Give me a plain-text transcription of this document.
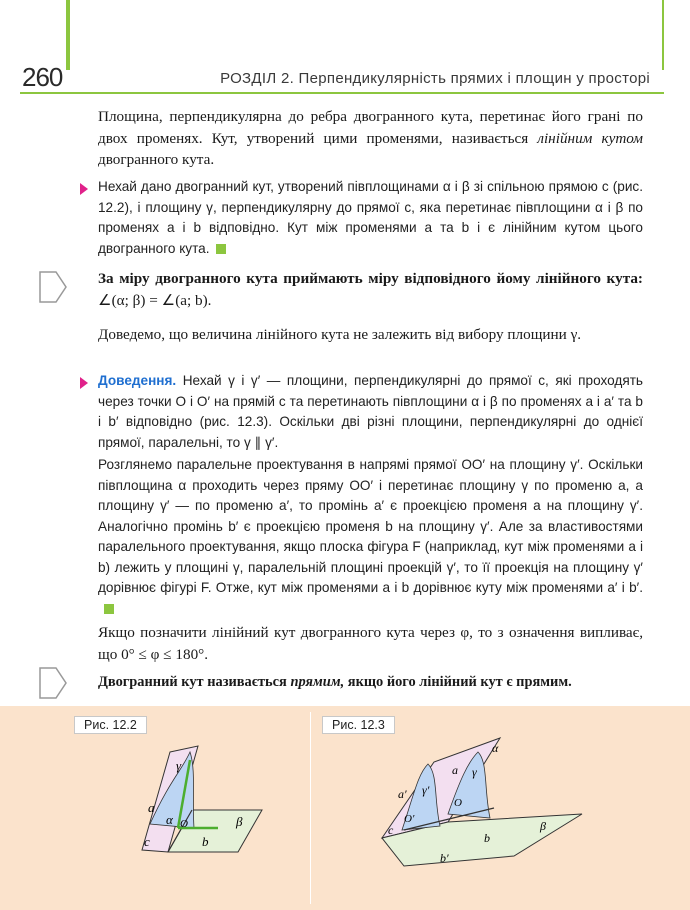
260	РОЗДІЛ 2. Перпендикулярність прямих і площин у просторі
Площина, перпендикулярна до ребра двогранного кута, перетинає його грані по двох променях. Кут, утворений цими променями, називається лінійним кутом двогранного кута.
Нехай дано двогранний кут, утворений півплощинами α і β зі спільною прямою c (рис. 12.2), і площину γ, перпендикулярну до прямої c, яка перетинає півплощини α і β по променях a і b відповідно. Кут між променями a та b і є лінійним кутом цього двогранного кута.
За міру двогранного кута приймають міру відповідного йому лінійного кута: ∠(α; β) = ∠(a; b).
Доведемо, що величина лінійного кута не залежить від вибору площини γ.
Доведення. Нехай γ і γ′ — площини, перпендикулярні до прямої c, які проходять через точки O і O′ на прямій c та перетинають півплощини α і β по променях a і a′ та b і b′ відповідно (рис. 12.3). Оскільки дві різні площини, перпендикулярні до однієї прямої, паралельні, то γ ∥ γ′.
Розглянемо паралельне проектування в напрямі прямої OO′ на площину γ′. Оскільки півплощина α проходить через пряму OO′ і перетинає площину γ по променю a, а площину γ′ — по променю a′, то промінь a′ є проекцією променя a на площину γ′. Аналогічно промінь b′ є проекцією променя b на площину γ′. Але за властивостями паралельного проектування, якщо плоска фігура F (наприклад, кут між променями a і b) лежить у площині γ, паралельній площині проекцій γ′, то її проекція на площину γ′ дорівнює фігурі F. Отже, кут між променями a і b дорівнює куту між променями a′ і b′.
Якщо позначити лінійний кут двогранного кута через φ, то з означення випливає, що 0° ≤ φ ≤ 180°.
Двогранний кут називається прямим, якщо його лінійний кут є прямим.
Рис. 12.2	Рис. 12.3
γ
a
α O
c	b
β
c
a′ γ′
O′
a γ
O
α
b
b′
β
